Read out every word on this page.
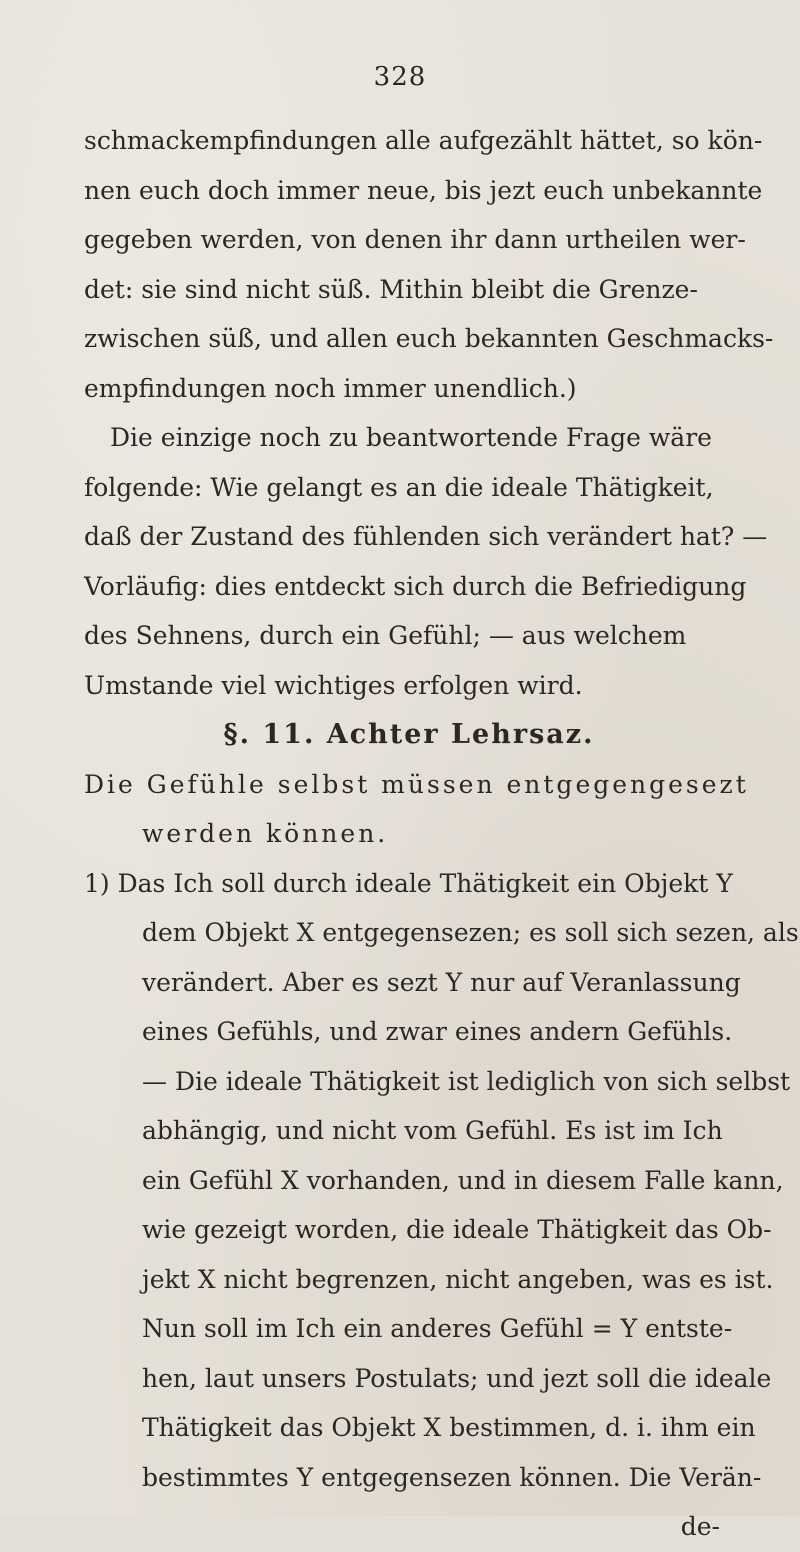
328
schmackempfindungen alle aufgezählt hättet, so kön-
nen euch doch immer neue, bis jezt euch unbekannte
gegeben werden, von denen ihr dann urtheilen wer-
det: sie sind nicht süß. Mithin bleibt die Grenze-
zwischen süß, und allen euch bekannten Geschmacks-
empfindungen noch immer unendlich.)
Die einzige noch zu beantwortende Frage wäre
folgende: Wie gelangt es an die ideale Thätigkeit,
daß der Zustand des fühlenden sich verändert hat? —
Vorläufig: dies entdeckt sich durch die Befriedigung
des Sehnens, durch ein Gefühl; — aus welchem
Umstande viel wichtiges erfolgen wird.
§. 11. Achter Lehrsaz.
Die Gefühle selbst müssen entgegengesezt
werden können.
1) Das Ich soll durch ideale Thätigkeit ein Objekt Y
dem Objekt X entgegensezen; es soll sich sezen, als
verändert. Aber es sezt Y nur auf Veranlassung
eines Gefühls, und zwar eines andern Gefühls.
— Die ideale Thätigkeit ist lediglich von sich selbst
abhängig, und nicht vom Gefühl. Es ist im Ich
ein Gefühl X vorhanden, und in diesem Falle kann,
wie gezeigt worden, die ideale Thätigkeit das Ob-
jekt X nicht begrenzen, nicht angeben, was es ist.
Nun soll im Ich ein anderes Gefühl = Y entste-
hen, laut unsers Postulats; und jezt soll die ideale
Thätigkeit das Objekt X bestimmen, d. i. ihm ein
bestimmtes Y entgegensezen können. Die Verän-
de-
